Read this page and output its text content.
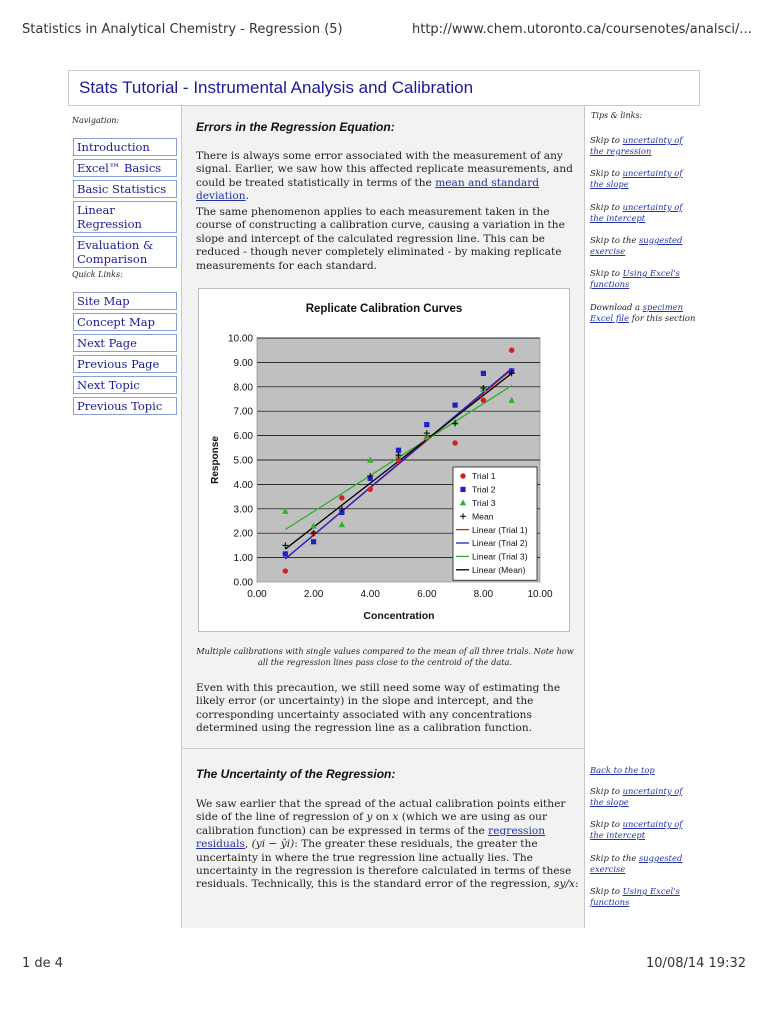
Statistics in Analytical Chemistry - Regression (5)	http://www.chem.utoronto.ca/coursenotes/analsci/...
Stats Tutorial - Instrumental Analysis and Calibration
Navigation:
Introduction
Excel™ Basics
Basic Statistics
Linear Regression
Evaluation & Comparison
Quick Links:
Site Map
Concept Map
Next Page
Previous Page
Next Topic
Previous Topic
Errors in the Regression Equation:

There is always some error associated with the measurement of any signal. Earlier, we saw how this affected replicate measurements, and could be treated statistically in terms of the mean and standard deviation.

The same phenomenon applies to each measurement taken in the course of constructing a calibration curve, causing a variation in the slope and intercept of the calculated regression line. This can be reduced - though never completely eliminated - by making replicate measurements for each standard.

Replicate Calibration Curves
0.00
1.00
2.00
3.00
4.00
5.00
6.00
7.00
8.00
9.00
10.00
0.00	2.00	4.00	6.00	8.00	10.00
Concentration
Response	Trial 1
Trial 2
Trial 3
Mean
Linear (Trial 1)
Linear (Trial 2)
Linear (Trial 3)
Linear (Mean)
Multiple calibrations with single values compared to the mean of all three trials. Note how all the regression lines pass close to the centroid of the data.

Even with this precaution, we still need some way of estimating the likely error (or uncertainty) in the slope and intercept, and the corresponding uncertainty associated with any concentrations determined using the regression line as a calibration function.

The Uncertainty of the Regression:

We saw earlier that the spread of the actual calibration points either side of the line of regression of y on x (which we are using as our calibration function) can be expressed in terms of the regression residuals, (yi − ŷi): The greater these residuals, the greater the uncertainty in where the true regression line actually lies. The uncertainty in the regression is therefore calculated in terms of these residuals. Technically, this is the standard error of the regression, sy/x:

Tips & links:
Skip to uncertainty of the regression
Skip to uncertainty of the slope
Skip to uncertainty of the intercept
Skip to the suggested exercise
Skip to Using Excel's functions
Download a specimen Excel file for this section
Back to the top
Skip to uncertainty of the slope
Skip to uncertainty of the intercept
Skip to the suggested exercise
Skip to Using Excel's functions
1 de 4	10/08/14 19:32
